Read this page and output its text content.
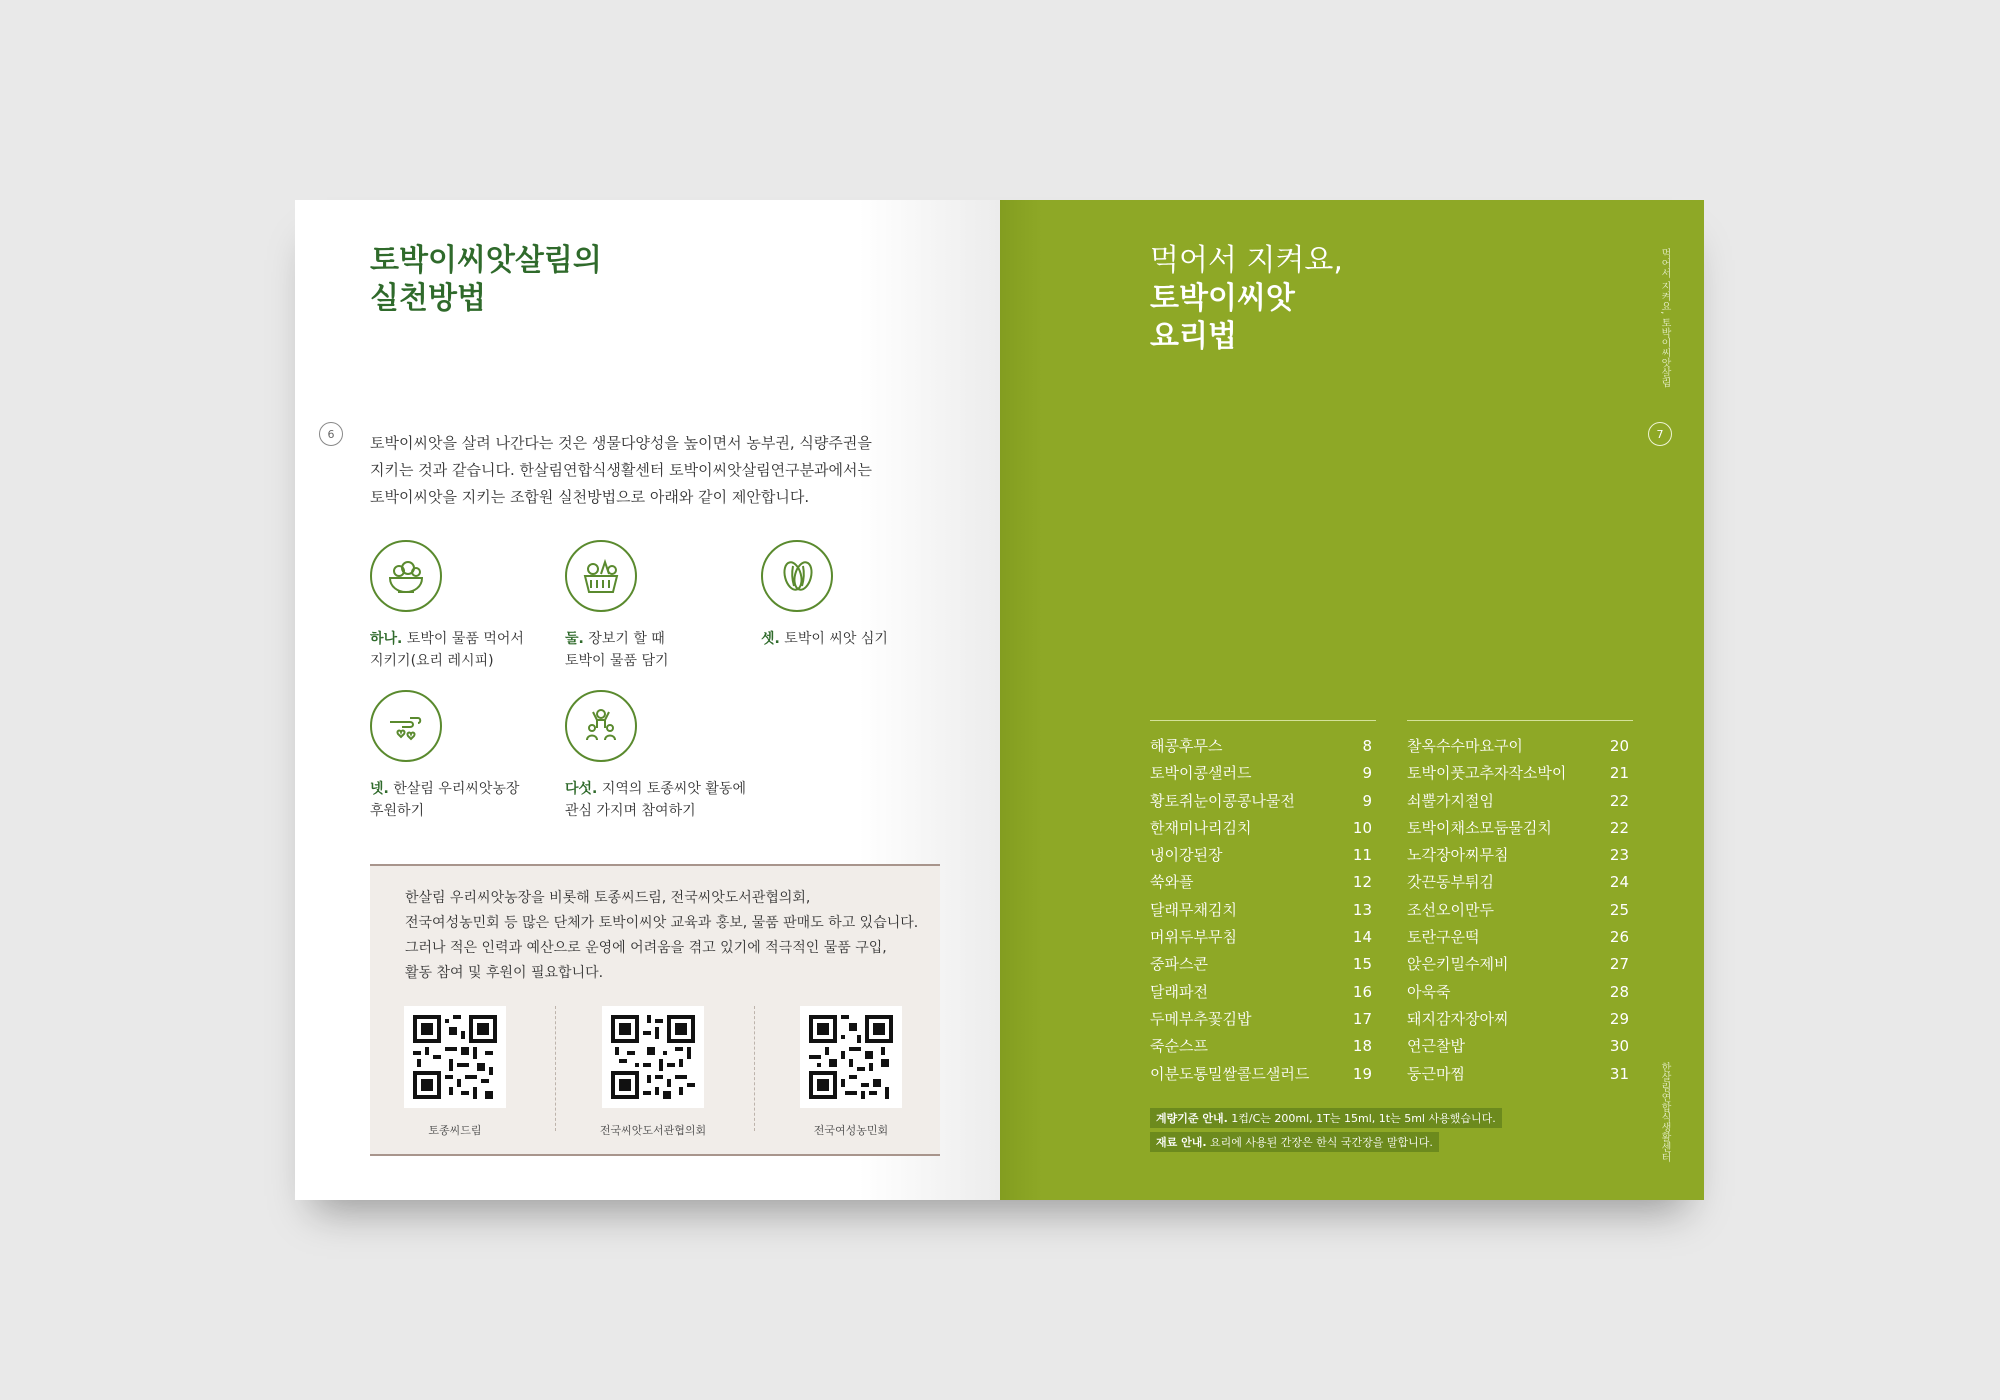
토박이씨앗살림의
실천방법
6	토박이씨앗을 살려 나간다는 것은 생물다양성을 높이면서 농부권, 식량주권을
지키는 것과 같습니다. 한살림연합식생활센터 토박이씨앗살림연구분과에서는
토박이씨앗을 지키는 조합원 실천방법으로 아래와 같이 제안합니다.
하나. 토박이 물품 먹어서
지키기(요리 레시피)
둘. 장보기 할 때
토박이 물품 담기
셋. 토박이 씨앗 심기
넷. 한살림 우리씨앗농장
후원하기
다섯. 지역의 토종씨앗 활동에
관심 가지며 참여하기
한살림 우리씨앗농장을 비롯해 토종씨드림, 전국씨앗도서관협의회,
전국여성농민회 등 많은 단체가 토박이씨앗 교육과 홍보, 물품 판매도 하고 있습니다.
그러나 적은 인력과 예산으로 운영에 어려움을 겪고 있기에 적극적인 물품 구입,
활동 참여 및 후원이 필요합니다.
토종씨드림	전국씨앗도서관협의회	전국여성농민회
먹어서 지켜요,
토박이씨앗
요리법	먹어서 지켜요, 토박이씨앗살림
한살림연합식생활센터
7
해콩후무스	8
토박이콩샐러드	9
황토쥐눈이콩콩나물전	9
한재미나리김치	10
냉이강된장	11
쑥와플	12
달래무채김치	13
머위두부무침	14
중파스콘	15
달래파전	16
두메부추꽃김밥	17
죽순스프	18
이분도통밀쌀콜드샐러드	19
찰옥수수마요구이	20
토박이풋고추자작소박이	21
쇠뿔가지절임	22
토박이채소모둠물김치	22
노각장아찌무침	23
갓끈동부튀김	24
조선오이만두	25
토란구운떡	26
앉은키밀수제비	27
아욱죽	28
돼지감자장아찌	29
연근찰밥	30
둥근마찜	31
계량기준 안내. 1컵/C는 200ml, 1T는 15ml, 1t는 5ml 사용했습니다.
재료 안내. 요리에 사용된 간장은 한식 국간장을 말합니다.
